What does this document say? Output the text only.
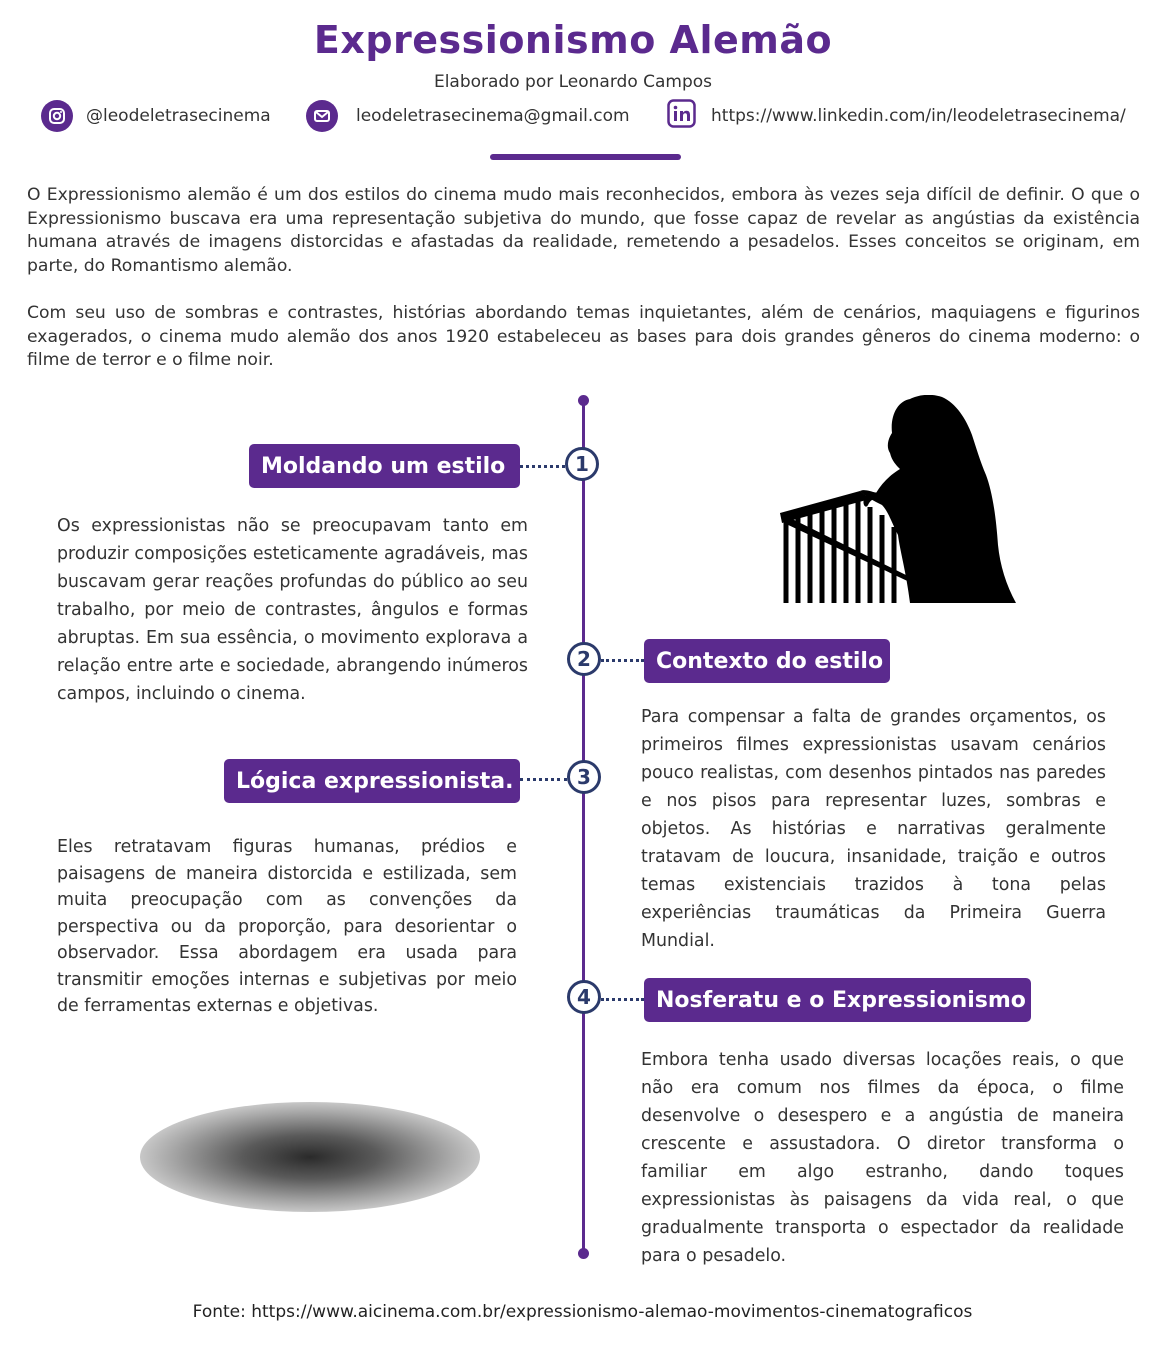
Expressionismo Alemão
Elaborado por Leonardo Campos
@leodeletrasecinema	leodeletrasecinema@gmail.com	https://www.linkedin.com/in/leodeletrasecinema/
O Expressionismo alemão é um dos estilos do cinema mudo mais reconhecidos, embora às vezes seja difícil de definir. O que o Expressionismo buscava era uma representação subjetiva do mundo, que fosse capaz de revelar as angústias da existência humana através de imagens distorcidas e afastadas da realidade, remetendo a pesadelos. Esses conceitos se originam, em parte, do Romantismo alemão.
Com seu uso de sombras e contrastes, histórias abordando temas inquietantes, além de cenários, maquiagens e figurinos exagerados, o cinema mudo alemão dos anos 1920 estabeleceu as bases para dois grandes gêneros do cinema moderno: o filme de terror e o filme noir.
Moldando um estilo	1
Os expressionistas não se preocupavam tanto em produzir composições esteticamente agradáveis, mas buscavam gerar reações profundas do público ao seu trabalho, por meio de contrastes, ângulos e formas abruptas. Em sua essência, o movimento explorava a relação entre arte e sociedade, abrangendo inúmeros campos, incluindo o cinema.
2	Contexto do estilo
Para compensar a falta de grandes orçamentos, os primeiros filmes expressionistas usavam cenários pouco realistas, com desenhos pintados nas paredes e nos pisos para representar luzes, sombras e objetos. As histórias e narrativas geralmente tratavam de loucura, insanidade, traição e outros temas existenciais trazidos à tona pelas experiências traumáticas da Primeira Guerra Mundial.
Lógica expressionista.	3
Eles retratavam figuras humanas, prédios e paisagens de maneira distorcida e estilizada, sem muita preocupação com as convenções da perspectiva ou da proporção, para desorientar o observador. Essa abordagem era usada para transmitir emoções internas e subjetivas por meio de ferramentas externas e objetivas.	4	Nosferatu e o Expressionismo
Embora tenha usado diversas locações reais, o que não era comum nos filmes da época, o filme desenvolve o desespero e a angústia de maneira crescente e assustadora. O diretor transforma o familiar em algo estranho, dando toques expressionistas às paisagens da vida real, o que gradualmente transporta o espectador da realidade para o pesadelo.
Fonte: https://www.aicinema.com.br/expressionismo-alemao-movimentos-cinematograficos
